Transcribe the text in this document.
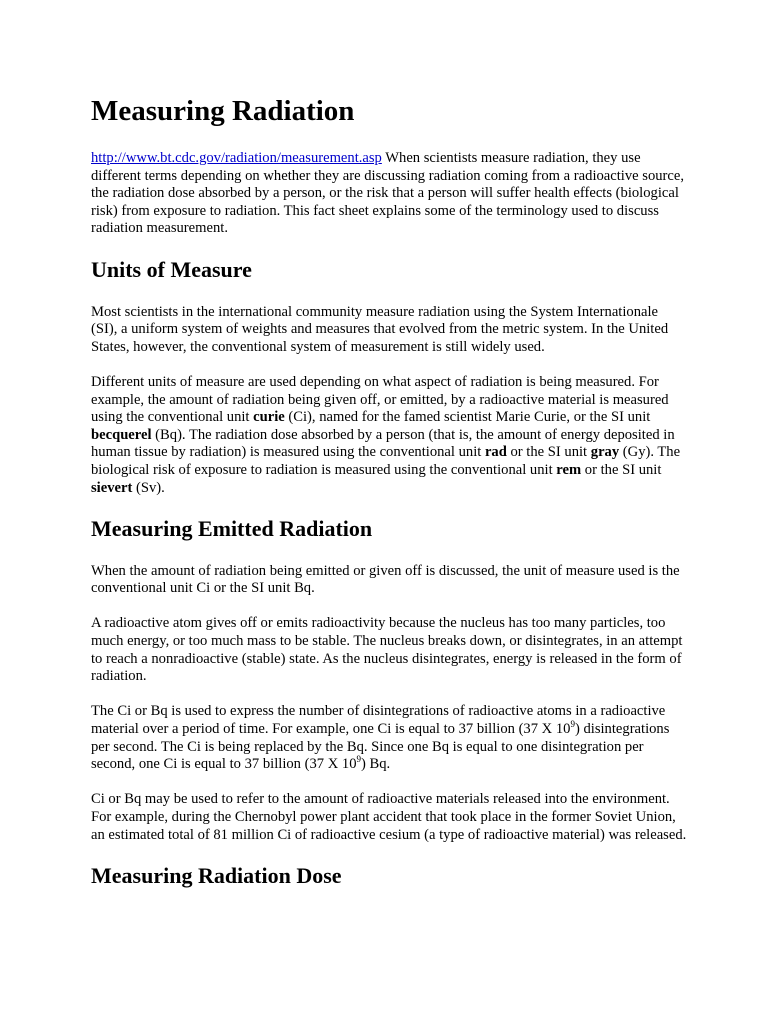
Measuring Radiation

http://www.bt.cdc.gov/radiation/measurement.asp When scientists measure radiation, they use different terms depending on whether they are discussing radiation coming from a radioactive source, the radiation dose absorbed by a person, or the risk that a person will suffer health effects (biological risk) from exposure to radiation. This fact sheet explains some of the terminology used to discuss radiation measurement.

Units of Measure

Most scientists in the international community measure radiation using the System Internationale (SI), a uniform system of weights and measures that evolved from the metric system. In the United States, however, the conventional system of measurement is still widely used.

Different units of measure are used depending on what aspect of radiation is being measured. For example, the amount of radiation being given off, or emitted, by a radioactive material is measured using the conventional unit curie (Ci), named for the famed scientist Marie Curie, or the SI unit becquerel (Bq). The radiation dose absorbed by a person (that is, the amount of energy deposited in human tissue by radiation) is measured using the conventional unit rad or the SI unit gray (Gy). The biological risk of exposure to radiation is measured using the conventional unit rem or the SI unit sievert (Sv).

Measuring Emitted Radiation

When the amount of radiation being emitted or given off is discussed, the unit of measure used is the conventional unit Ci or the SI unit Bq.

A radioactive atom gives off or emits radioactivity because the nucleus has too many particles, too much energy, or too much mass to be stable. The nucleus breaks down, or disintegrates, in an attempt to reach a nonradioactive (stable) state. As the nucleus disintegrates, energy is released in the form of radiation.

The Ci or Bq is used to express the number of disintegrations of radioactive atoms in a radioactive material over a period of time. For example, one Ci is equal to 37 billion (37 X $10^9$) disintegrations per second. The Ci is being replaced by the Bq. Since one Bq is equal to one disintegration per second, one Ci is equal to 37 billion (37 X $10^9$) Bq.

Ci or Bq may be used to refer to the amount of radioactive materials released into the environment. For example, during the Chernobyl power plant accident that took place in the former Soviet Union, an estimated total of 81 million Ci of radioactive cesium (a type of radioactive material) was released.

Measuring Radiation Dose
